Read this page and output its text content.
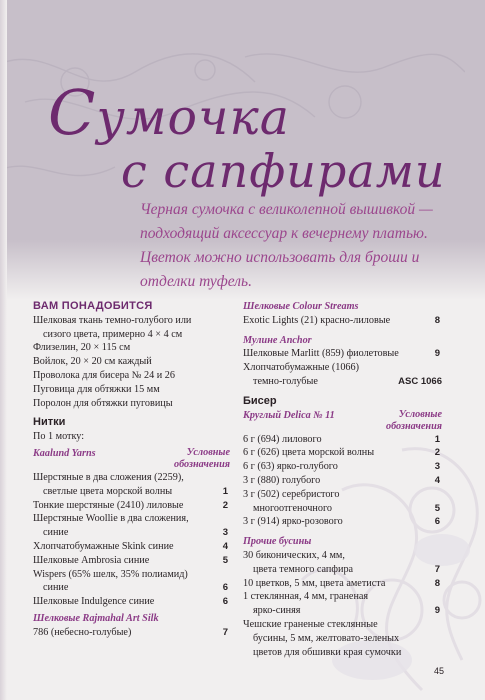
Сумочка
с сапфирами

Черная сумочка с великолепной вышивкой — подходящий аксессуар к вечернему платью. Цветок можно использовать для броши и отделки туфель.

ВАМ ПОНАДОБИТСЯ
Шелковая ткань темно-голубого или
сизого цвета, примерно 4 × 4 см
Флизелин, 20 × 115 см
Войлок, 20 × 20 см каждый
Проволока для бисера № 24 и 26
Пуговица для обтяжки 15 мм
Поролон для обтяжки пуговицы
Нитки
По 1 мотку:
Kaalund Yarns	Условные обозначения
Шерстяные в два сложения (2259),
светлые цвета морской волны	1
Тонкие шерстяные (2410) лиловые	2
Шерстяные Woollie в два сложения,
синие	3
Хлопчатобумажные Skink синие	4
Шелковые Ambrosia синие	5
Wispers (65% шелк, 35% полиамид)
синие	6
Шелковые Indulgence синие	6
Шелковые Rajmahal Art Silk
786 (небесно-голубые)	7
Шелковые Colour Streams
Exotic Lights (21) красно-лиловые	8
Мулине Anchor
Шелковые Marlitt (859) фиолетовые	9
Хлопчатобумажные (1066)
темно-голубые	ASC 1066
Бисер
Круглый Delica № 11	Условные обозначения
6 г (694) лилового	1
6 г (626) цвета морской волны	2
6 г (63) ярко-голубого	3
3 г (880) голубого	4
3 г (502) серебристого
многоотгеночного	5
3 г (914) ярко-розового	6
Прочие бусины
30 биконических, 4 мм,
цвета темного сапфира	7
10 цветков, 5 мм, цвета аметиста	8
1 стеклянная, 4 мм, граненая
ярко-синяя	9
Чешские граненые стеклянные
бусины, 5 мм, желтовато-зеленых
цветов для обшивки края сумочки
45
